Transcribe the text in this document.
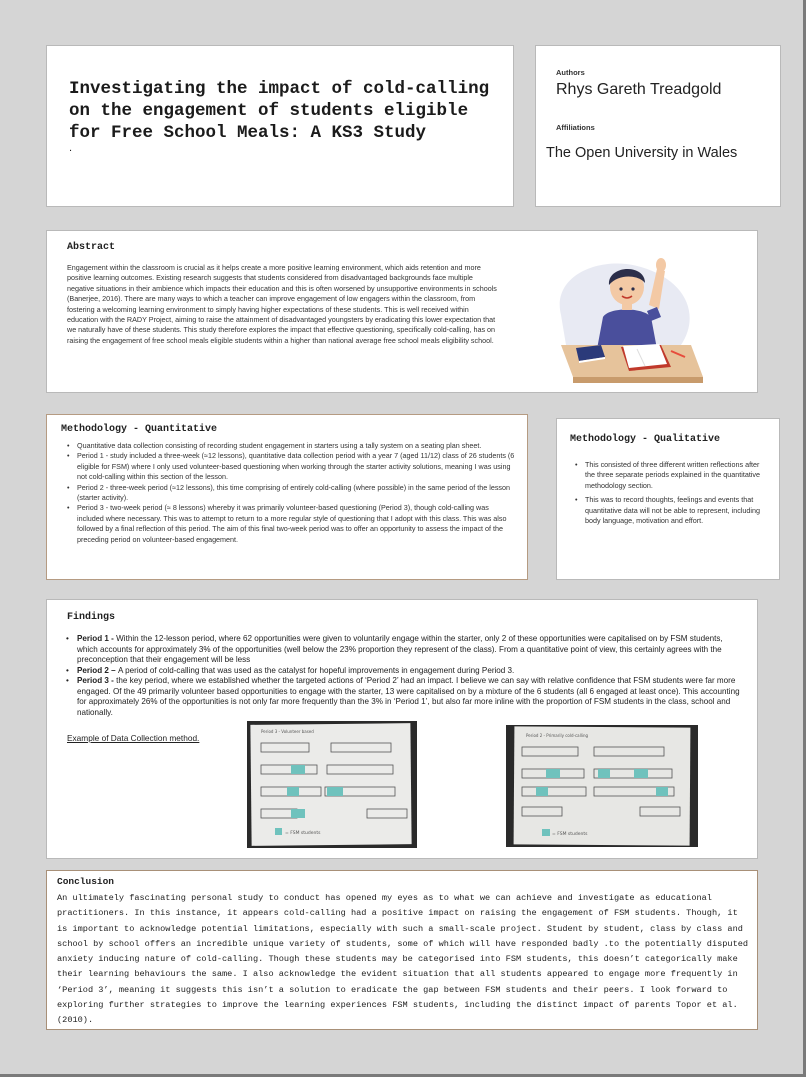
Investigating the impact of cold-calling on the engagement of students eligible for Free School Meals: A KS3 Study
.
Authors
Rhys Gareth Treadgold
Affiliations
The Open University in Wales
Abstract

Engagement within the classroom is crucial as it helps create a more positive learning environment, which aids retention and more positive learning outcomes. Existing research suggests that students considered from disadvantaged backgrounds face multiple negative situations in their ambience which impacts their education and this is often worsened by unsupportive environments in schools (Banerjee, 2016). There are many ways to which a teacher can improve engagement of low engagers within the classroom, from fostering a welcoming learning environment to simply having higher expectations of these students. This is well received within education with the RADY Project, aiming to raise the attainment of disadvantaged youngsters by eradicating this lower expectation that we naturally have of these students. This study therefore explores the impact that effective questioning, specifically cold-calling, has on raising the engagement of free school meals eligible students within a higher than national average free school meals eligibility school.

Methodology - Quantitative
• Quantitative data collection consisting of recording student engagement in starters using a tally system on a seating plan sheet.
• Period 1 - study included a three-week (≈12 lessons), quantitative data collection period with a year 7 (aged 11/12) class of 26 students (6 eligible for FSM) where I only used volunteer-based questioning when working through the starter activity solutions, meaning I was using not cold-calling within this section of the lesson.
• Period 2 - three-week period (≈12 lessons), this time comprising of entirely cold-calling (where possible) in the same period of the lesson (starter activity).
• Period 3 - two-week period (≈ 8 lessons) whereby it was primarily volunteer-based questioning (Period 3), though cold-calling was included where necessary. This was to attempt to return to a more regular style of questioning that I adopt with this class. This was also followed by a final reflection of this period. The aim of this final two-week period was to offer an opportunity to assess the impact of the preceding period on volunteer-based engagement.
Methodology - Qualitative
• This consisted of three different written reflections after the three separate periods explained in the quantitative methodology section.
• This was to record thoughts, feelings and events that quantitative data will not be able to represent, including body language, motivation and effort.
Findings
• Period 1 - Within the 12-lesson period, where 62 opportunities were given to voluntarily engage within the starter, only 2 of these opportunities were capitalised on by FSM students, which accounts for approximately 3% of the opportunities (well below the 23% proportion they represent of the class). From a quantitative point of view, this certainly agrees with the preconception that their engagement will be less
• Period 2 – A period of cold-calling that was used as the catalyst for hopeful improvements in engagement during Period 3.
• Period 3 - the key period, where we established whether the targeted actions of ‘Period 2’ had an impact. I believe we can say with relative confidence that FSM students were far more engaged. Of the 49 primarily volunteer based opportunities to engage with the starter, 13 were capitalised on by a mixture of the 6 students (all 6 engaged at least once). This accounting for approximately 26% of the opportunities is not only far more frequently than the 3% in ‘Period 1’, but also far more inline with the proportion of FSM students in the class, school and nationally.
Example of Data Collection method.
Period 3 - Volunteer based
= FSM students
Period 2 - Primarily cold-calling
= FSM students
Conclusion

An ultimately fascinating personal study to conduct has opened my eyes as to what we can achieve and investigate as educational practitioners. In this instance, it appears cold-calling had a positive impact on raising the engagement of FSM students. Though, it is important to acknowledge potential limitations, especially with such a small-scale project. Student by student, class by class and school by school offers an incredible unique variety of students, some of which will have responded badly .to the potentially disputed anxiety inducing nature of cold-calling. Though these students may be categorised into FSM students, this doesn’t categorically make their learning behaviours the same. I also acknowledge the evident situation that all students appeared to engage more frequently in ‘Period 3’, meaning it suggests this isn’t a solution to eradicate the gap between FSM students and their peers. I look forward to exploring further strategies to improve the learning experiences FSM students, including the distinct impact of parents Topor et al. (2010).
